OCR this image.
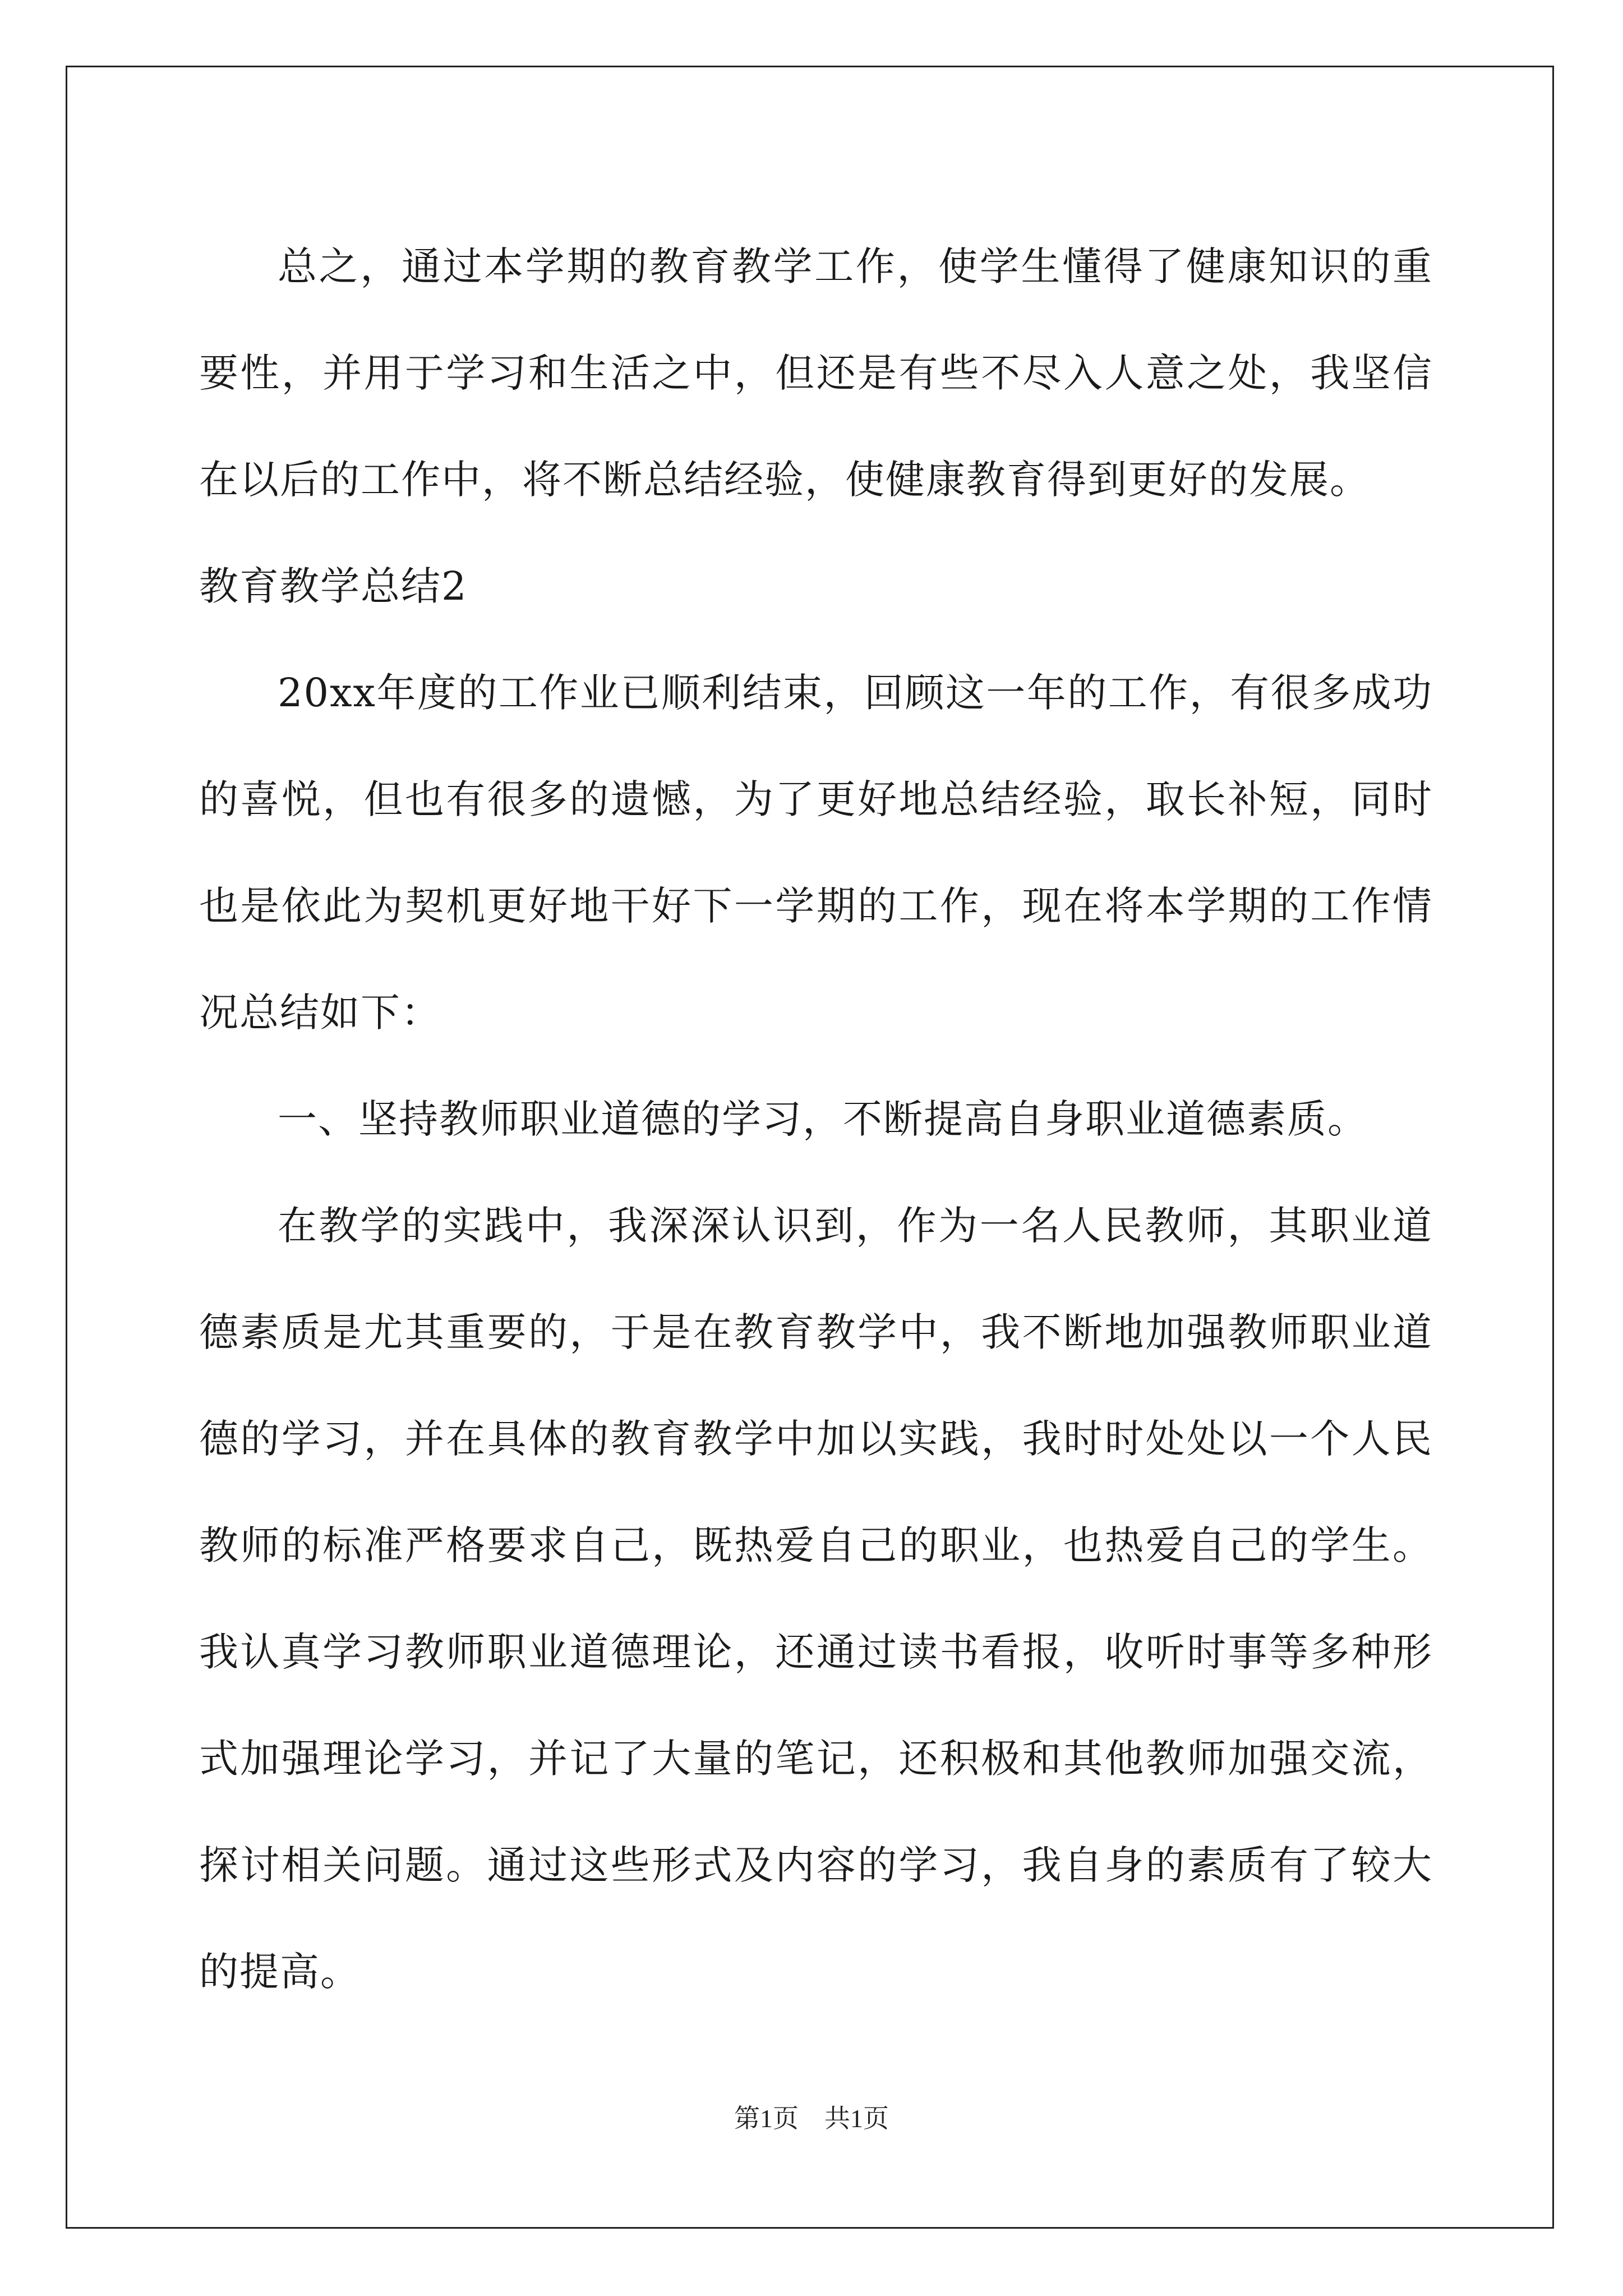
总之，通过本学期的教育教学工作，使学生懂得了健康知识的重要性，并用于学习和生活之中，但还是有些不尽入人意之处，我坚信在以后的工作中，将不断总结经验，使健康教育得到更好的发展。

教育教学总结2

20xx年度的工作业已顺利结束，回顾这一年的工作，有很多成功的喜悦，但也有很多的遗憾，为了更好地总结经验，取长补短，同时也是依此为契机更好地干好下一学期的工作，现在将本学期的工作情况总结如下：

一、坚持教师职业道德的学习，不断提高自身职业道德素质。

在教学的实践中，我深深认识到，作为一名人民教师，其职业道德素质是尤其重要的，于是在教育教学中，我不断地加强教师职业道德的学习，并在具体的教育教学中加以实践，我时时处处以一个人民教师的标准严格要求自己，既热爱自己的职业，也热爱自己的学生。我认真学习教师职业道德理论，还通过读书看报，收听时事等多种形式加强理论学习，并记了大量的笔记，还积极和其他教师加强交流，探讨相关问题。通过这些形式及内容的学习，我自身的素质有了较大的提高。

第1页　共1页
